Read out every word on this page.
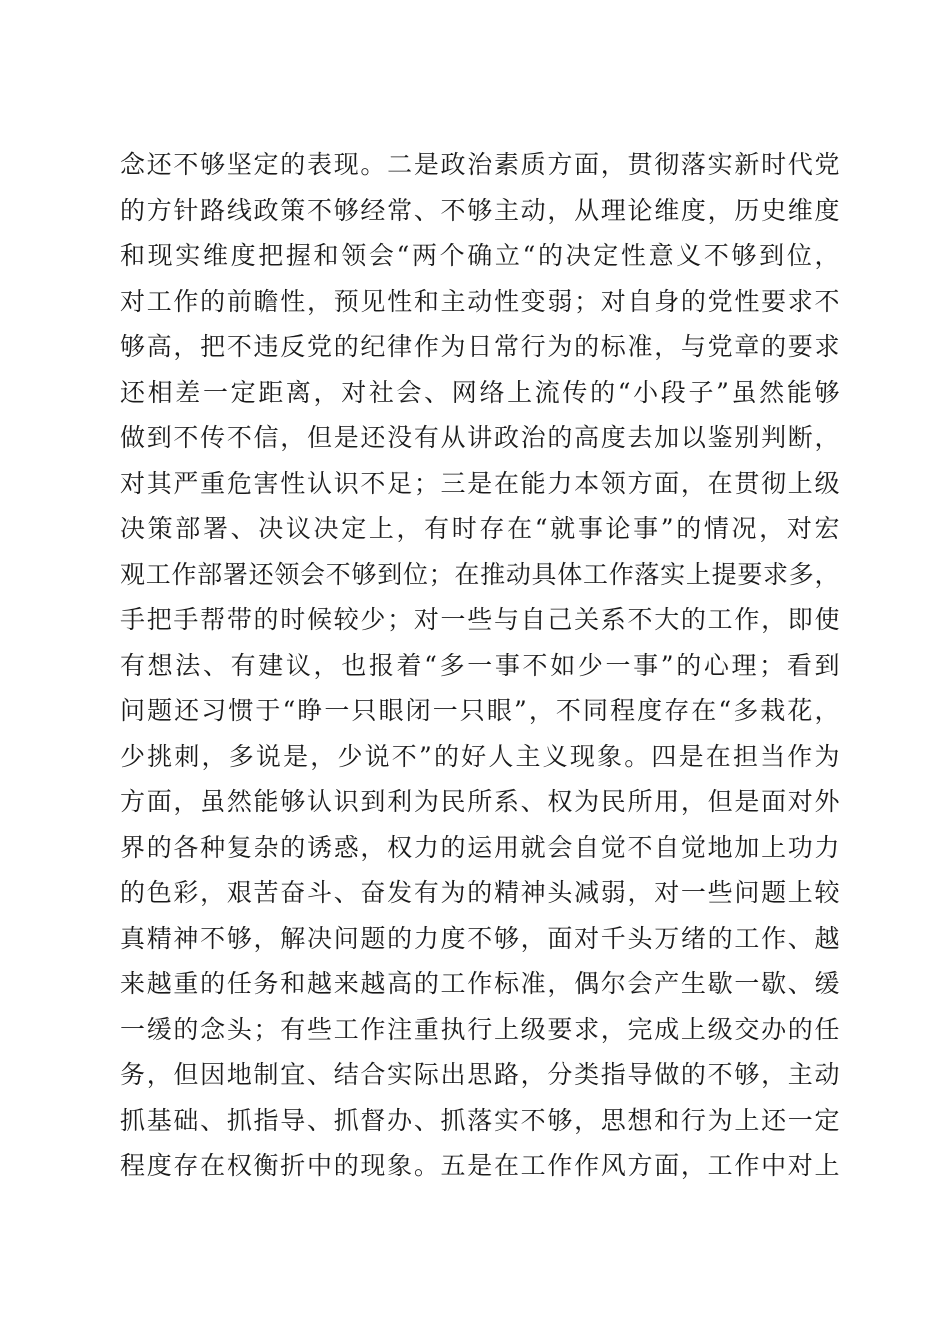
念还不够坚定的表现。二是政治素质方面，贯彻落实新时代党
的方针路线政策不够经常、不够主动，从理论维度，历史维度
和现实维度把握和领会“两个确立“的决定性意义不够到位，
对工作的前瞻性，预见性和主动性变弱；对自身的党性要求不
够高，把不违反党的纪律作为日常行为的标准，与党章的要求
还相差一定距离，对社会、网络上流传的“小段子”虽然能够
做到不传不信，但是还没有从讲政治的高度去加以鉴别判断，
对其严重危害性认识不足；三是在能力本领方面，在贯彻上级
决策部署、决议决定上，有时存在“就事论事”的情况，对宏
观工作部署还领会不够到位；在推动具体工作落实上提要求多，
手把手帮带的时候较少；对一些与自己关系不大的工作，即使
有想法、有建议，也报着“多一事不如少一事”的心理；看到
问题还习惯于“睁一只眼闭一只眼”，不同程度存在“多栽花，
少挑刺，多说是，少说不”的好人主义现象。四是在担当作为
方面，虽然能够认识到利为民所系、权为民所用，但是面对外
界的各种复杂的诱惑，权力的运用就会自觉不自觉地加上功力
的色彩，艰苦奋斗、奋发有为的精神头减弱，对一些问题上较
真精神不够，解决问题的力度不够，面对千头万绪的工作、越
来越重的任务和越来越高的工作标准，偶尔会产生歇一歇、缓
一缓的念头；有些工作注重执行上级要求，完成上级交办的任
务，但因地制宜、结合实际出思路，分类指导做的不够，主动
抓基础、抓指导、抓督办、抓落实不够，思想和行为上还一定
程度存在权衡折中的现象。五是在工作作风方面，工作中对上
